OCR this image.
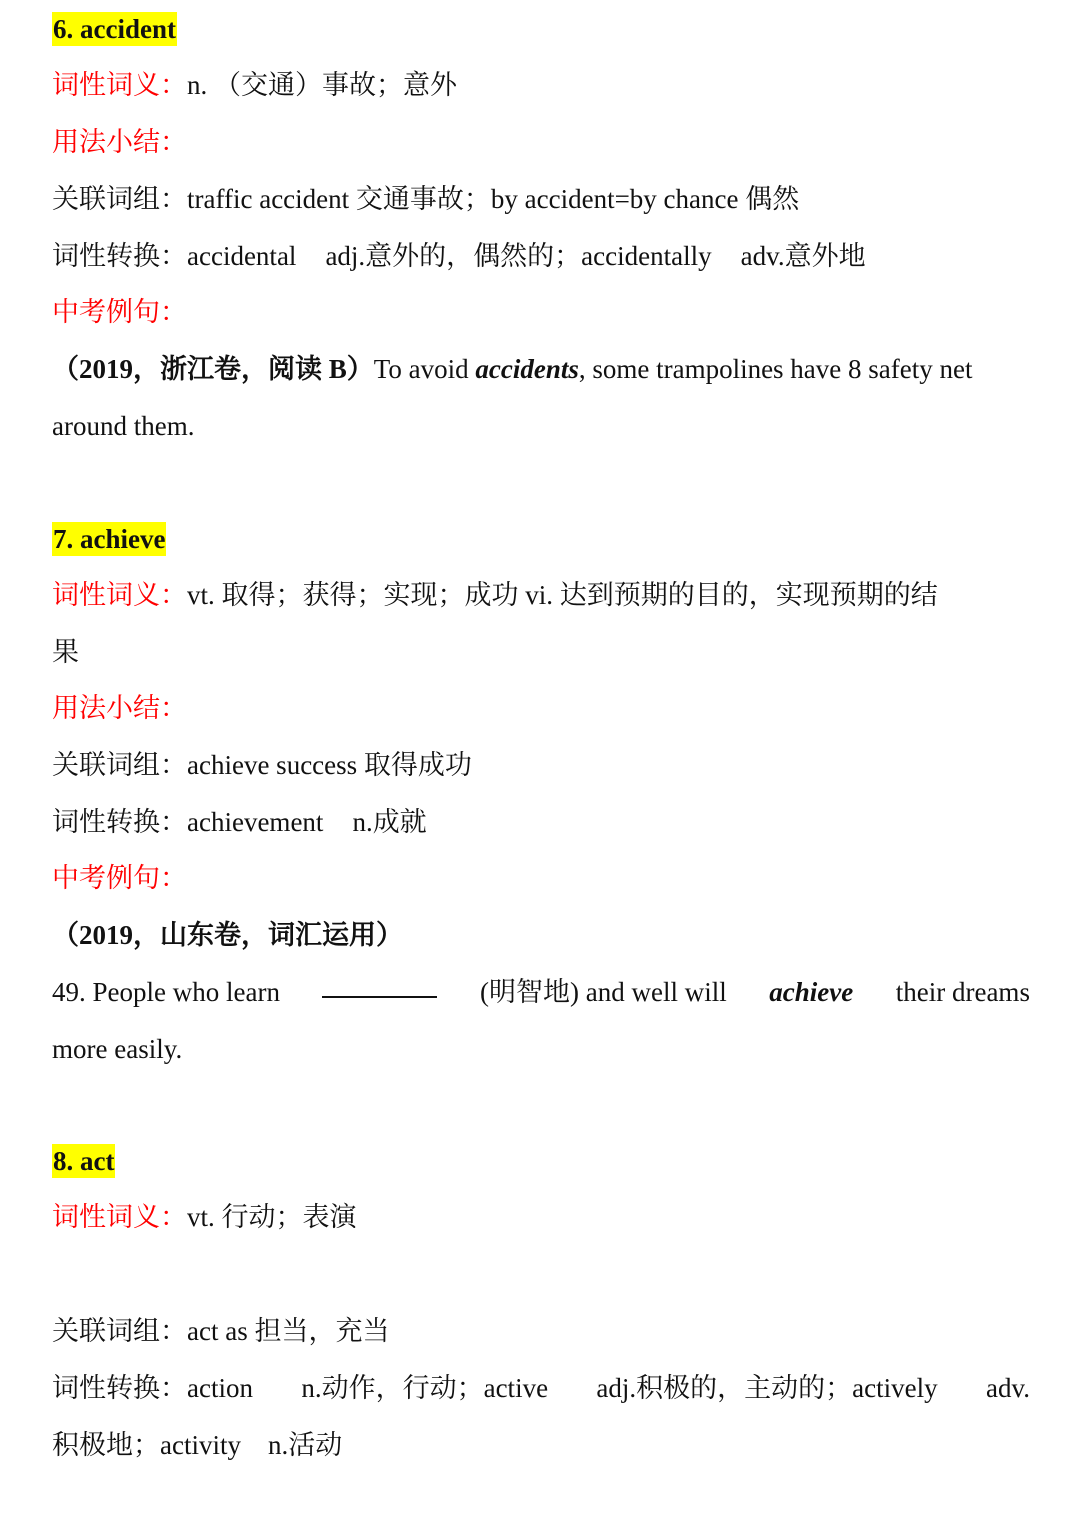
6. accident
词性词义：n. （交通）事故；意外
用法小结：
关联词组：traffic accident 交通事故；by accident=by chance 偶然
词性转换：accidental adj.意外的，偶然的；accidentally adv.意外地
中考例句：
（2019，浙江卷，阅读 B）To avoid accidents, some trampolines have 8 safety net
around them.
7. achieve
词性词义：vt. 取得；获得；实现；成功 vi. 达到预期的目的，实现预期的结
果
用法小结：
关联词组：achieve success 取得成功
词性转换：achievement n.成就
中考例句：
（2019，山东卷，词汇运用）
49. People who learn	(明智地) and well will achieve their dreams
more easily.
8. act
词性词义：vt. 行动；表演
关联词组：act as 担当，充当
词性转换：action n.动作，行动；active adj.积极的，主动的；actively adv.
积极地；activity　n.活动
